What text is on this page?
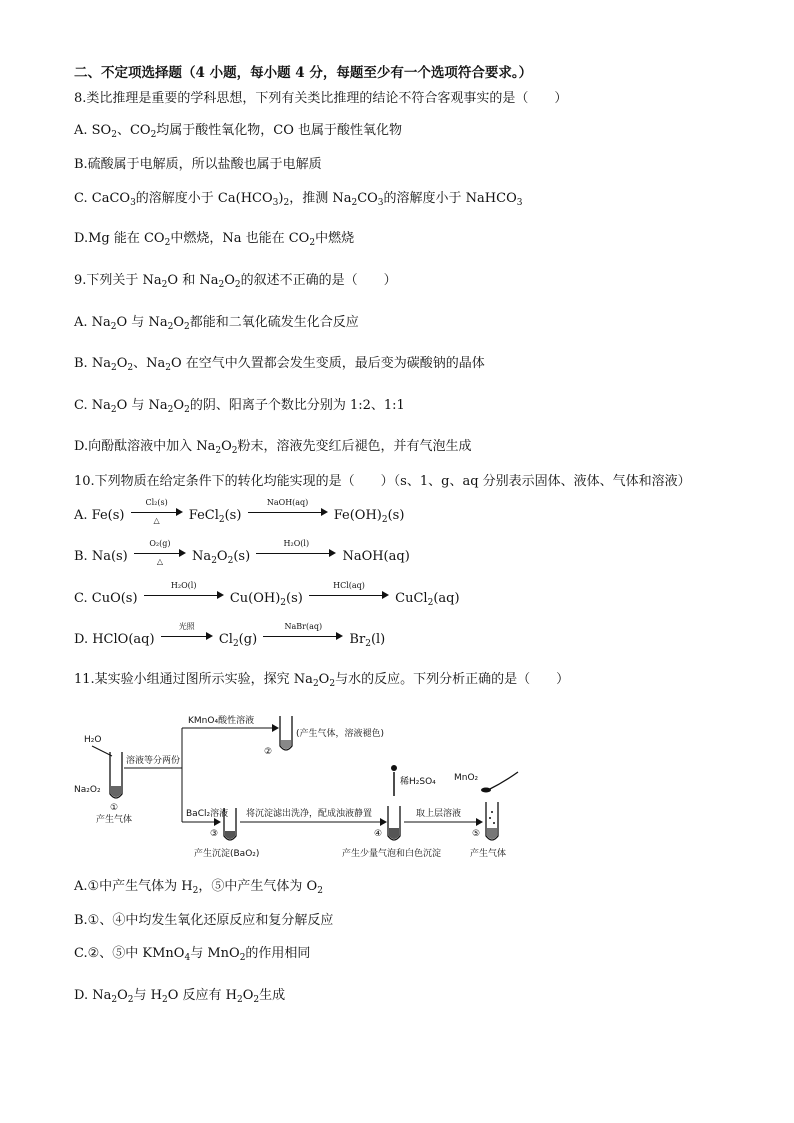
二、不定项选择题（4 小题，每小题 4 分，每题至少有一个选项符合要求。）
8.类比推理是重要的学科思想，下列有关类比推理的结论不符合客观事实的是（　　）
A. $SO_2$、$CO_2$均属于酸性氧化物，CO 也属于酸性氧化物
B.硫酸属于电解质，所以盐酸也属于电解质
C. CaCO$_3$的溶解度小于 $Ca(HCO_3)_2$，推测 $Na_2CO_3$的溶解度小于 NaHCO$_3$
D.Mg 能在 $CO_2$中燃烧，Na 也能在 $CO_2$中燃烧
9.下列关于 $Na_2O$ 和 $Na_2O_2$的叙述不正确的是（　　）
A. $Na_2O$ 与 $Na_2O_2$都能和二氧化硫发生化合反应
B. $Na_2O_2$、$Na_2O$ 在空气中久置都会发生变质，最后变为碳酸钠的晶体
C. $Na_2O$ 与 $Na_2O_2$的阴、阳离子个数比分别为 1:2、1:1
D.向酚酞溶液中加入 $Na_2O_2$粉末，溶液先变红后褪色，并有气泡生成
10.下列物质在给定条件下的转化均能实现的是（　　）（s、1、g、aq 分别表示固体、液体、气体和溶液）
A. Fe(s)
Cl₂(s)
△	FeCl$_2$(s)
NaOH(aq)
$Fe(OH)_2(s)$
B. Na(s)
O₂(g)
△	$Na_2O_2(s)$
H₂O(l)
NaOH(aq)
C. CuO(s)
H₂O(l)
$Cu(OH)_2(s)$
HCl(aq)
CuCl$_2$(aq)
D. HClO(aq)
光照
$Cl_2(g)$
NaBr(aq)
$Br_2(l)$
11.某实验小组通过图所示实验，探究 $Na_2O_2$与水的反应。下列分析正确的是（　　）
H₂O
Na₂O₂
①
产生气体
溶液等分两份
KMnO₄酸性溶液
②
(产生气体，溶液褪色)
BaCl₂溶液
③
产生沉淀(BaO₂)
将沉淀滤出洗净，配成浊液静置
稀H₂SO₄
④
产生少量气泡和白色沉淀
取上层溶液
MnO₂
⑤
产生气体
A.①中产生气体为 $H_2$，⑤中产生气体为 $O_2$
B.①、④中均发生氧化还原反应和复分解反应
C.②、⑤中 KMnO$_4$与 MnO$_2$的作用相同
D. $Na_2O_2$与 $H_2O$ 反应有 $H_2O_2$生成
